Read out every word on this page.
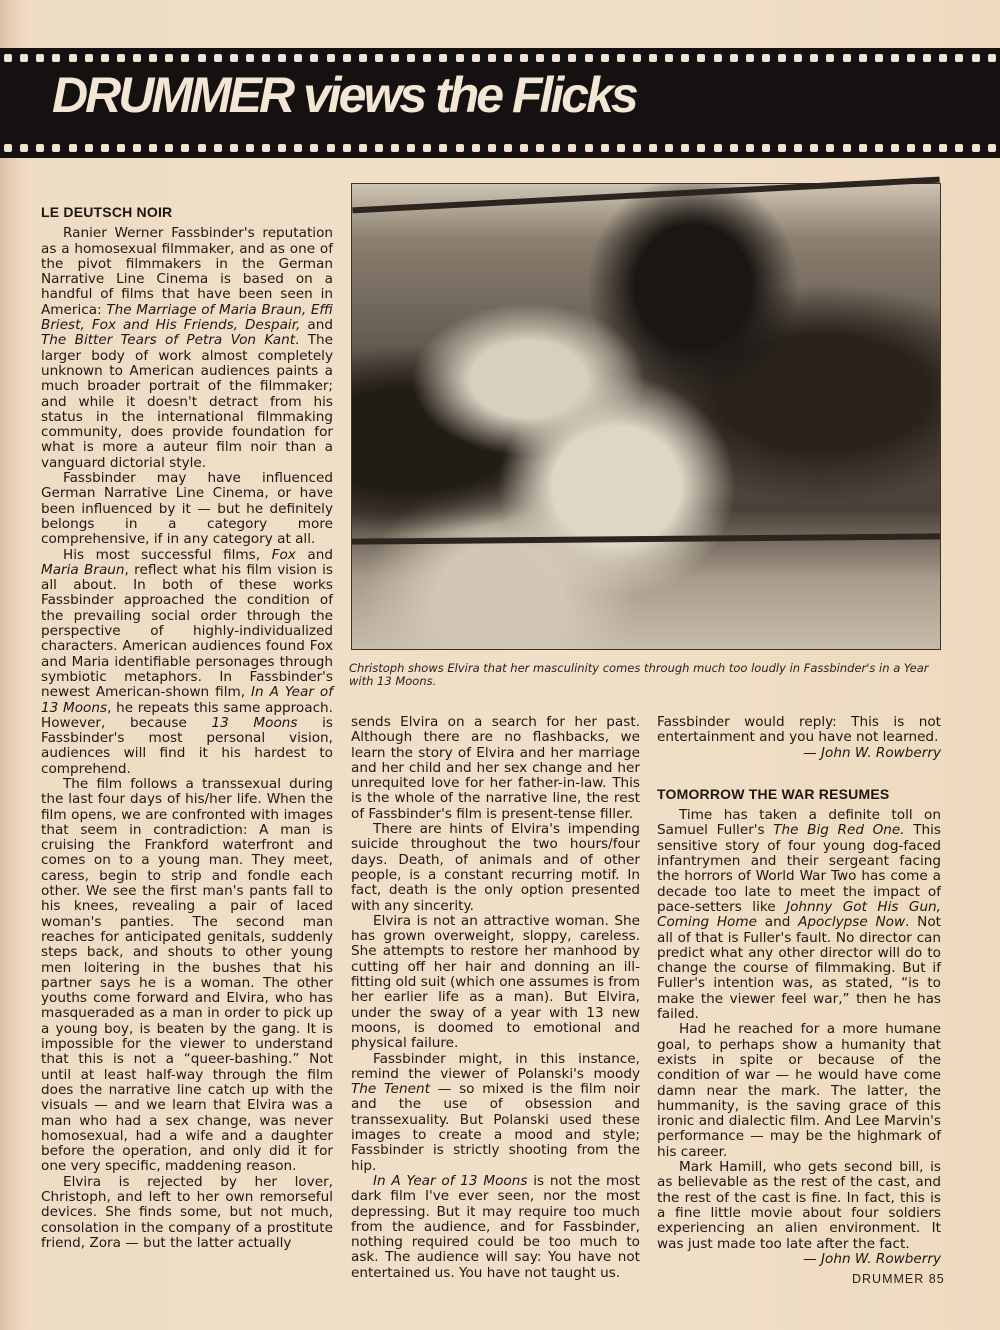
DRUMMER views the Flicks
LE DEUTSCH NOIR

Ranier Werner Fassbinder's reputation as a homosexual filmmaker, and as one of the pivot filmmakers in the German Narrative Line Cinema is based on a handful of films that have been seen in America: The Marriage of Maria Braun, Effi Briest, Fox and His Friends, Despair, and The Bitter Tears of Petra Von Kant. The larger body of work almost completely unknown to American audiences paints a much broader portrait of the filmmaker; and while it doesn't detract from his status in the international filmmaking community, does provide foundation for what is more a auteur film noir than a vanguard dictorial style.

Fassbinder may have influenced German Narrative Line Cinema, or have been influenced by it — but he definitely belongs in a category more comprehensive, if in any category at all.

His most successful films, Fox and Maria Braun, reflect what his film vision is all about. In both of these works Fassbinder approached the condition of the prevailing social order through the perspective of highly-individualized characters. American audiences found Fox and Maria identifiable personages through symbiotic metaphors. In Fassbinder's newest American-shown film, In A Year of 13 Moons, he repeats this same approach. However, because 13 Moons is Fassbinder's most personal vision, audiences will find it his hardest to comprehend.

The film follows a transsexual during the last four days of his/her life. When the film opens, we are confronted with images that seem in contradiction: A man is cruising the Frankford waterfront and comes on to a young man. They meet, caress, begin to strip and fondle each other. We see the first man's pants fall to his knees, revealing a pair of laced woman's panties. The second man reaches for anticipated genitals, suddenly steps back, and shouts to other young men loitering in the bushes that his partner says he is a woman. The other youths come forward and Elvira, who has masqueraded as a man in order to pick up a young boy, is beaten by the gang. It is impossible for the viewer to understand that this is not a “queer-bashing.” Not until at least half-way through the film does the narrative line catch up with the visuals — and we learn that Elvira was a man who had a sex change, was never homosexual, had a wife and a daughter before the operation, and only did it for one very specific, maddening reason.

Elvira is rejected by her lover, Christoph, and left to her own remorseful devices. She finds some, but not much, consolation in the company of a prostitute friend, Zora — but the latter actually

Christoph shows Elvira that her masculinity comes through much too loudly in Fassbinder's in a Year with 13 Moons.

sends Elvira on a search for her past. Although there are no flashbacks, we learn the story of Elvira and her marriage and her child and her sex change and her unrequited love for her father-in-law. This is the whole of the narrative line, the rest of Fassbinder's film is present-tense filler.

There are hints of Elvira's impending suicide throughout the two hours/four days. Death, of animals and of other people, is a constant recurring motif. In fact, death is the only option presented with any sincerity.

Elvira is not an attractive woman. She has grown overweight, sloppy, careless. She attempts to restore her manhood by cutting off her hair and donning an ill-fitting old suit (which one assumes is from her earlier life as a man). But Elvira, under the sway of a year with 13 new moons, is doomed to emotional and physical failure.

Fassbinder might, in this instance, remind the viewer of Polanski's moody The Tenent — so mixed is the film noir and the use of obsession and transsexuality. But Polanski used these images to create a mood and style; Fassbinder is strictly shooting from the hip.

In A Year of 13 Moons is not the most dark film I've ever seen, nor the most depressing. But it may require too much from the audience, and for Fassbinder, nothing required could be too much to ask. The audience will say: You have not entertained us. You have not taught us.

Fassbinder would reply: This is not entertainment and you have not learned.

— John W. Rowberry

TOMORROW THE WAR RESUMES

Time has taken a definite toll on Samuel Fuller's The Big Red One. This sensitive story of four young dog-faced infantrymen and their sergeant facing the horrors of World War Two has come a decade too late to meet the impact of pace-setters like Johnny Got His Gun, Coming Home and Apoclypse Now. Not all of that is Fuller's fault. No director can predict what any other director will do to change the course of filmmaking. But if Fuller's intention was, as stated, “is to make the viewer feel war,” then he has failed.

Had he reached for a more humane goal, to perhaps show a humanity that exists in spite or because of the condition of war — he would have come damn near the mark. The latter, the hummanity, is the saving grace of this ironic and dialectic film. And Lee Marvin's performance — may be the highmark of his career.

Mark Hamill, who gets second bill, is as believable as the rest of the cast, and the rest of the cast is fine. In fact, this is a fine little movie about four soldiers experiencing an alien environment. It was just made too late after the fact.

— John W. Rowberry

DRUMMER 85
